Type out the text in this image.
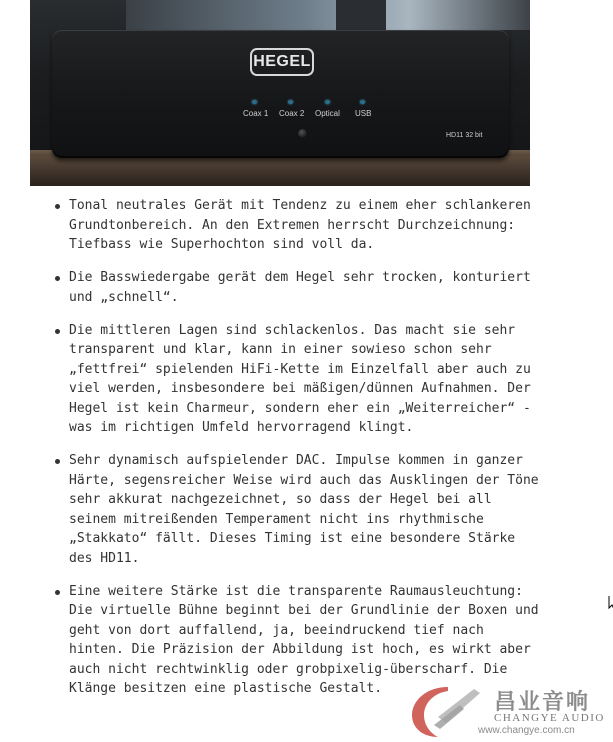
HEGEL
Coax 1 Coax 2 Optical USB
HD11 32 bit
Tonal neutrales Gerät mit Tendenz zu einem eher schlankeren Grundtonbereich. An den Extremen herrscht Durchzeichnung: Tiefbass wie Superhochton sind voll da.
Die Basswiedergabe gerät dem Hegel sehr trocken, konturiert und „schnell“.
Die mittleren Lagen sind schlackenlos. Das macht sie sehr transparent und klar, kann in einer sowieso schon sehr „fettfrei“ spielenden HiFi-Kette im Einzelfall aber auch zu viel werden, insbesondere bei mäßigen/dünnen Aufnahmen. Der Hegel ist kein Charmeur, sondern eher ein „Weiterreicher“ - was im richtigen Umfeld hervorragend klingt.
Sehr dynamisch aufspielender DAC. Impulse kommen in ganzer Härte, segensreicher Weise wird auch das Ausklingen der Töne sehr akkurat nachgezeichnet, so dass der Hegel bei all seinem mitreißenden Temperament nicht ins rhythmische „Stakkato“ fällt. Dieses Timing ist eine besondere Stärke des HD11.
Eine weitere Stärke ist die transparente Raumausleuchtung: Die virtuelle Bühne beginnt bei der Grundlinie der Boxen und geht von dort auffallend, ja, beeindruckend tief nach hinten. Die Präzision der Abbildung ist hoch, es wirkt aber auch nicht rechtwinklig oder grobpixelig-überscharf. Die Klänge besitzen eine plastische Gestalt.
昌业音响
CHANGYE AUDIO
www.changye.com.cn
